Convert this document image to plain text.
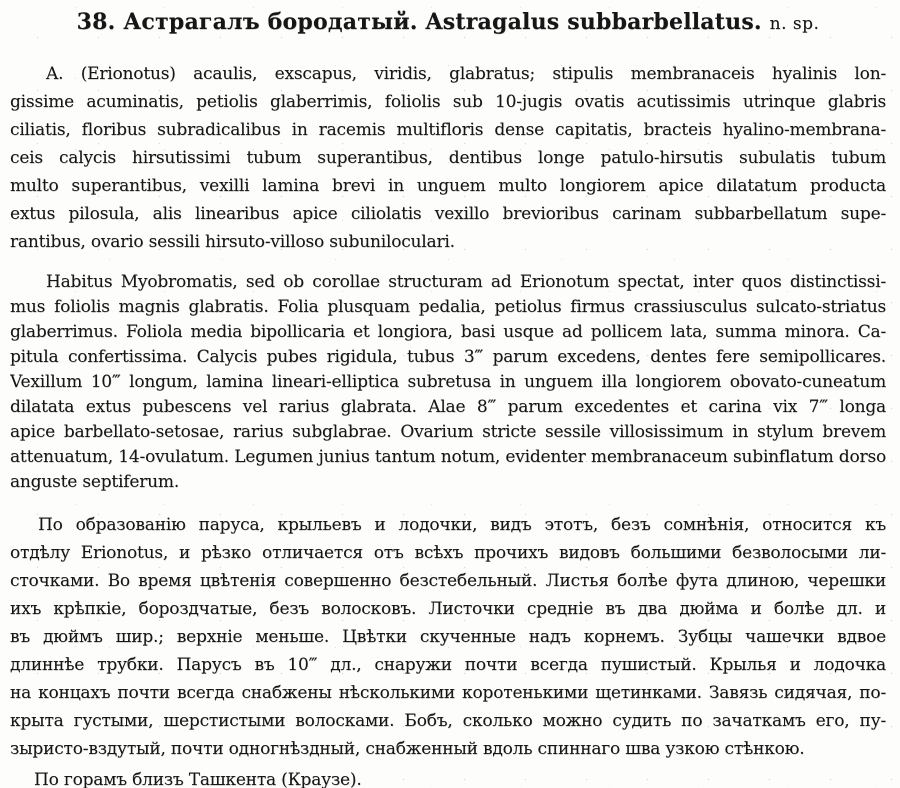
38. Астрагалъ бородатый. Astragalus subbarbellatus. n. sp.
A. (Erionotus) acaulis, exscapus, viridis, glabratus; stipulis membranaceis hyalinis lon-
gissime acuminatis, petiolis glaberrimis, foliolis sub 10-jugis ovatis acutissimis utrinque glabris
ciliatis, floribus subradicalibus in racemis multifloris dense capitatis, bracteis hyalino-membrana-
ceis calycis hirsutissimi tubum superantibus, dentibus longe patulo-hirsutis subulatis tubum
multo superantibus, vexilli lamina brevi in unguem multo longiorem apice dilatatum producta
extus pilosula, alis linearibus apice ciliolatis vexillo brevioribus carinam subbarbellatum supe-
rantibus, ovario sessili hirsuto-villoso subuniloculari.
Habitus Myobromatis, sed ob corollae structuram ad Erionotum spectat, inter quos distinctissi-
mus foliolis magnis glabratis. Folia plusquam pedalia, petiolus firmus crassiusculus sulcato-striatus
glaberrimus. Foliola media bipollicaria et longiora, basi usque ad pollicem lata, summa minora. Ca-
pitula confertissima. Calycis pubes rigidula, tubus 3‴ parum excedens, dentes fere semipollicares.
Vexillum 10‴ longum, lamina lineari-elliptica subretusa in unguem illa longiorem obovato-cuneatum
dilatata extus pubescens vel rarius glabrata. Alae 8‴ parum excedentes et carina vix 7‴ longa
apice barbellato-setosae, rarius subglabrae. Ovarium stricte sessile villosissimum in stylum brevem
attenuatum, 14-ovulatum. Legumen junius tantum notum, evidenter membranaceum subinflatum dorso
anguste septiferum.
По образованію паруса, крыльевъ и лодочки, видъ этотъ, безъ сомнѣнія, относится къ
отдѣлу Erionotus, и рѣзко отличается отъ всѣхъ прочихъ видовъ большими безволосыми ли-
сточками. Во время цвѣтенія совершенно безстебельный. Листья болѣе фута длиною, черешки
ихъ крѣпкіе, бороздчатые, безъ волосковъ. Листочки средніе въ два дюйма и болѣе дл. и
въ дюймъ шир.; верхніе меньше. Цвѣтки скученные надъ корнемъ. Зубцы чашечки вдвое
длиннѣе трубки. Парусъ въ 10‴ дл., снаружи почти всегда пушистый. Крылья и лодочка
на концахъ почти всегда снабжены нѣсколькими коротенькими щетинками. Завязь сидячая, по-
крыта густыми, шерстистыми волосками. Бобъ, сколько можно судить по зачаткамъ его, пу-
зыристо-вздутый, почти одногнѣздный, снабженный вдоль спиннаго шва узкою стѣнкою.
По горамъ близъ Ташкента (Краузе).
